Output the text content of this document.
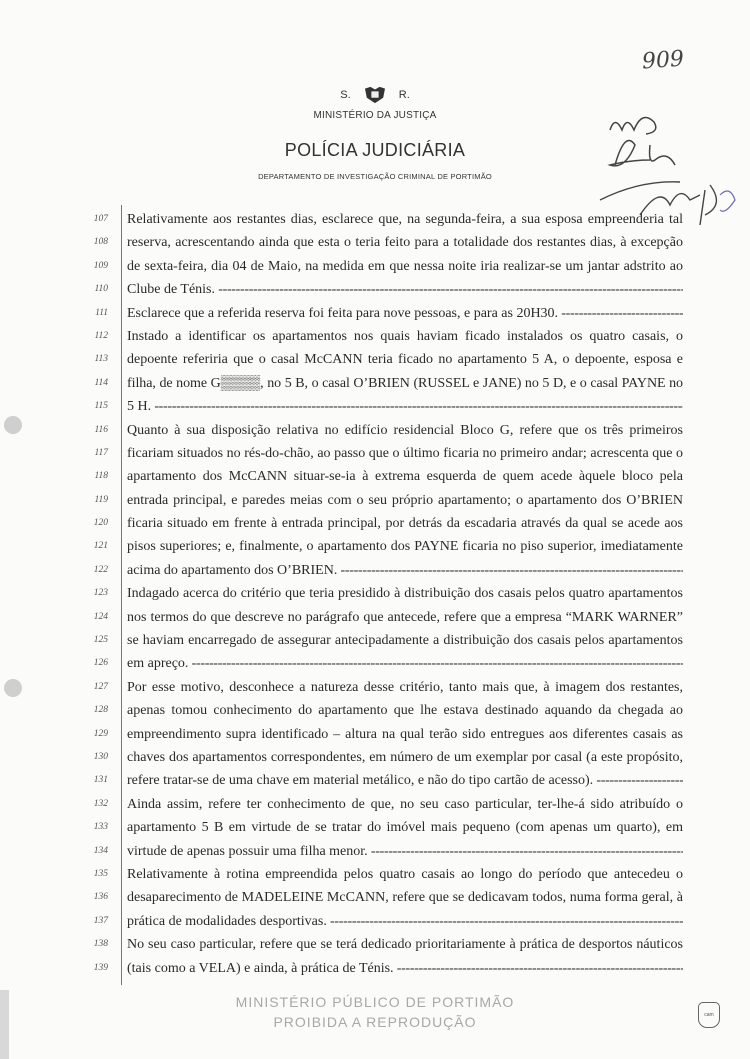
S.	R.
MINISTÉRIO DA JUSTIÇA
POLÍCIA JUDICIÁRIA
DEPARTAMENTO DE INVESTIGAÇÃO CRIMINAL DE PORTIMÃO
909
107 Relativamente aos restantes dias, esclarece que, na segunda-feira, a sua esposa empreenderia tal
108 reserva, acrescentando ainda que esta o teria feito para a totalidade dos restantes dias, à excepção
109 de sexta-feira, dia 04 de Maio, na medida em que nessa noite iria realizar-se um jantar adstrito ao
110 Clube de Ténis. -----
111 Esclarece que a referida reserva foi feita para nove pessoas, e para as 20H30. -----
112 Instado a identificar os apartamentos nos quais haviam ficado instalados os quatro casais, o
113 depoente referiria que o casal McCANN teria ficado no apartamento 5 A, o depoente, esposa e
114 filha, de nome G▒▒▒▒, no 5 B, o casal O’BRIEN (RUSSEL e JANE) no 5 D, e o casal PAYNE no
115 5 H. -----
116 Quanto à sua disposição relativa no edifício residencial Bloco G, refere que os três primeiros
117 ficariam situados no rés-do-chão, ao passo que o último ficaria no primeiro andar; acrescenta que o
118 apartamento dos McCANN situar-se-ia à extrema esquerda de quem acede àquele bloco pela
119 entrada principal, e paredes meias com o seu próprio apartamento; o apartamento dos O’BRIEN
120 ficaria situado em frente à entrada principal, por detrás da escadaria através da qual se acede aos
121 pisos superiores; e, finalmente, o apartamento dos PAYNE ficaria no piso superior, imediatamente
122 acima do apartamento dos O’BRIEN. -----
123 Indagado acerca do critério que teria presidido à distribuição dos casais pelos quatro apartamentos
124 nos termos do que descreve no parágrafo que antecede, refere que a empresa “MARK WARNER”
125 se haviam encarregado de assegurar antecipadamente a distribuição dos casais pelos apartamentos
126 em apreço. -----
127 Por esse motivo, desconhece a natureza desse critério, tanto mais que, à imagem dos restantes,
128 apenas tomou conhecimento do apartamento que lhe estava destinado aquando da chegada ao
129 empreendimento supra identificado – altura na qual terão sido entregues aos diferentes casais as
130 chaves dos apartamentos correspondentes, em número de um exemplar por casal (a este propósito,
131 refere tratar-se de uma chave em material metálico, e não do tipo cartão de acesso). -----
132 Ainda assim, refere ter conhecimento de que, no seu caso particular, ter-lhe-á sido atribuído o
133 apartamento 5 B em virtude de se tratar do imóvel mais pequeno (com apenas um quarto), em
134 virtude de apenas possuir uma filha menor. -----
135 Relativamente à rotina empreendida pelos quatro casais ao longo do período que antecedeu o
136 desaparecimento de MADELEINE McCANN, refere que se dedicavam todos, numa forma geral, à
137 prática de modalidades desportivas. -----
138 No seu caso particular, refere que se terá dedicado prioritariamente à prática de desportos náuticos
139 (tais como a VELA) e ainda, à prática de Ténis. -----
MINISTÉRIO PÚBLICO DE PORTIMÃO
PROIBIDA A REPRODUÇÃO	cam
